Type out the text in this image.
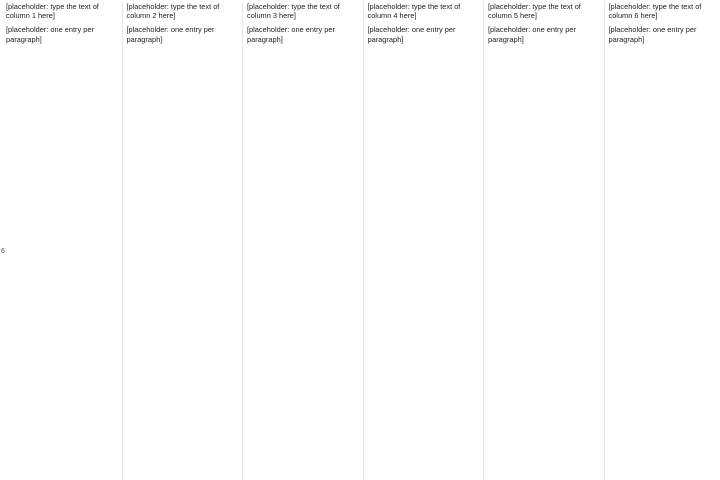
6

[placeholder: type the text of column 1 here]

[placeholder: one entry per paragraph]

[placeholder: type the text of column 2 here]

[placeholder: one entry per paragraph]

[placeholder: type the text of column 3 here]

[placeholder: one entry per paragraph]

[placeholder: type the text of column 4 here]

[placeholder: one entry per paragraph]

[placeholder: type the text of column 5 here]

[placeholder: one entry per paragraph]

[placeholder: type the text of column 6 here]

[placeholder: one entry per paragraph]
